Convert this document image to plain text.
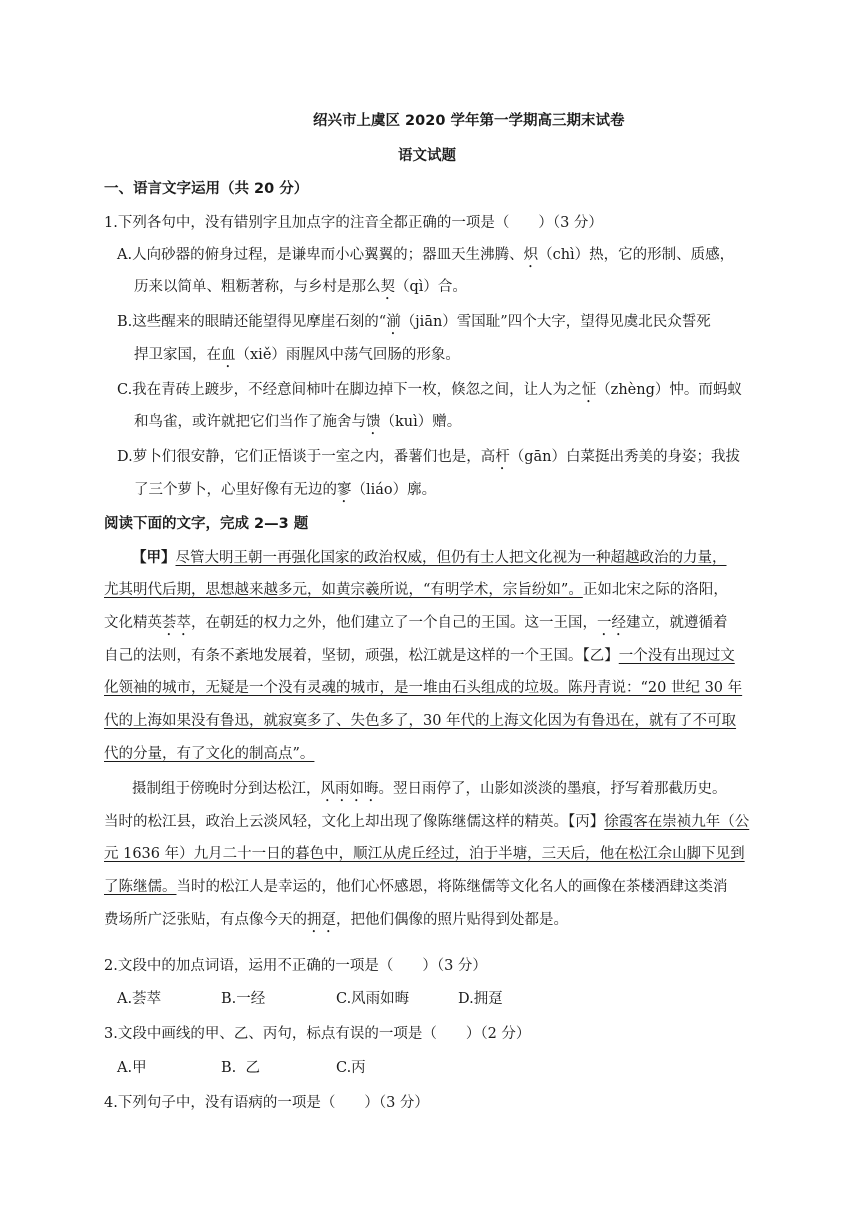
绍兴市上虞区 2020 学年第一学期高三期末试卷
语文试题
一、语言文字运用（共 20 分）
1.下列各句中，没有错别字且加点字的注音全都正确的一项是（　　）（3 分）
A.人向砂器的俯身过程，是谦卑而小心翼翼的；器皿天生沸腾、炽（chì）热，它的形制、质感，
历来以简单、粗粝著称，与乡村是那么契（qì）合。
B.这些醒来的眼睛还能望得见摩崖石刻的“湔（jiān）雪国耻”四个大字，望得见虞北民众誓死
捍卫家国，在血（xiě）雨腥风中荡气回肠的形象。
C.我在青砖上踱步，不经意间柿叶在脚边掉下一枚，倏忽之间，让人为之怔（zhèng）忡。而蚂蚁
和鸟雀，或许就把它们当作了施舍与馈（kuì）赠。
D.萝卜们很安静，它们正悟谈于一室之内，番薯们也是，高杆（gān）白菜挺出秀美的身姿；我拔
了三个萝卜，心里好像有无边的寥（liáo）廓。
阅读下面的文字，完成 2—3 题
【甲】尽管大明王朝一再强化国家的政治权威，但仍有士人把文化视为一种超越政治的力量，
尤其明代后期，思想越来越多元，如黄宗羲所说，“有明学术，宗旨纷如”。正如北宋之际的洛阳，
文化精英荟萃，在朝廷的权力之外，他们建立了一个自己的王国。这一王国，一经建立，就遵循着
自己的法则，有条不紊地发展着，坚韧，顽强，松江就是这样的一个王国。【乙】一个没有出现过文
化领袖的城市，无疑是一个没有灵魂的城市，是一堆由石头组成的垃圾。陈丹青说：“20 世纪 30 年
代的上海如果没有鲁迅，就寂寞多了、失色多了，30 年代的上海文化因为有鲁迅在，就有了不可取
代的分量，有了文化的制高点”。
摄制组于傍晚时分到达松江，风雨如晦。翌日雨停了，山影如淡淡的墨痕，抒写着那截历史。
当时的松江县，政治上云淡风轻，文化上却出现了像陈继儒这样的精英。【丙】徐霞客在崇祯九年（公
元 1636 年）九月二十一日的暮色中，顺江从虎丘经过，泊于半塘，三天后，他在松江佘山脚下见到
了陈继儒。当时的松江人是幸运的，他们心怀感恩，将陈继儒等文化名人的画像在茶楼酒肆这类消
费场所广泛张贴，有点像今天的拥趸，把他们偶像的照片贴得到处都是。
2.文段中的加点词语，运用不正确的一项是（　　）（3 分）
A.荟萃	B.一经	C.风雨如晦	D.拥趸
3.文段中画线的甲、乙、丙句，标点有误的一项是（　　）（2 分）
A.甲	B.  乙	C.丙
4.下列句子中，没有语病的一项是（　　）（3 分）
